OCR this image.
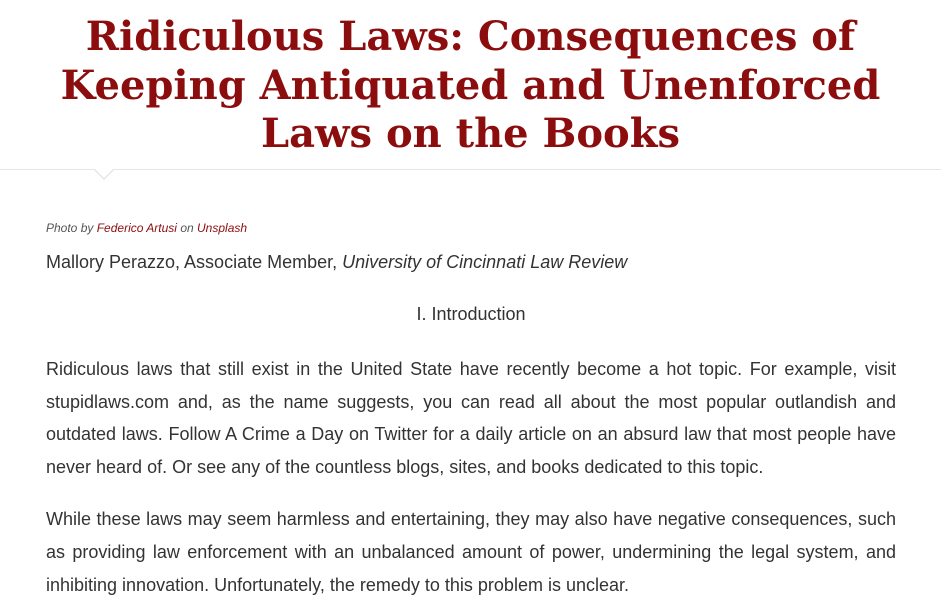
Ridiculous Laws: Consequences of Keeping Antiquated and Unenforced Laws on the Books
Photo by Federico Artusi on Unsplash
Mallory Perazzo, Associate Member, University of Cincinnati Law Review
I. Introduction

Ridiculous laws that still exist in the United State have recently become a hot topic. For example, visit stupidlaws.com and, as the name suggests, you can read all about the most popular outlandish and outdated laws. Follow A Crime a Day on Twitter for a daily article on an absurd law that most people have never heard of. Or see any of the countless blogs, sites, and books dedicated to this topic.

While these laws may seem harmless and entertaining, they may also have negative consequences, such as providing law enforcement with an unbalanced amount of power, undermining the legal system, and inhibiting innovation. Unfortunately, the remedy to this problem is unclear.
